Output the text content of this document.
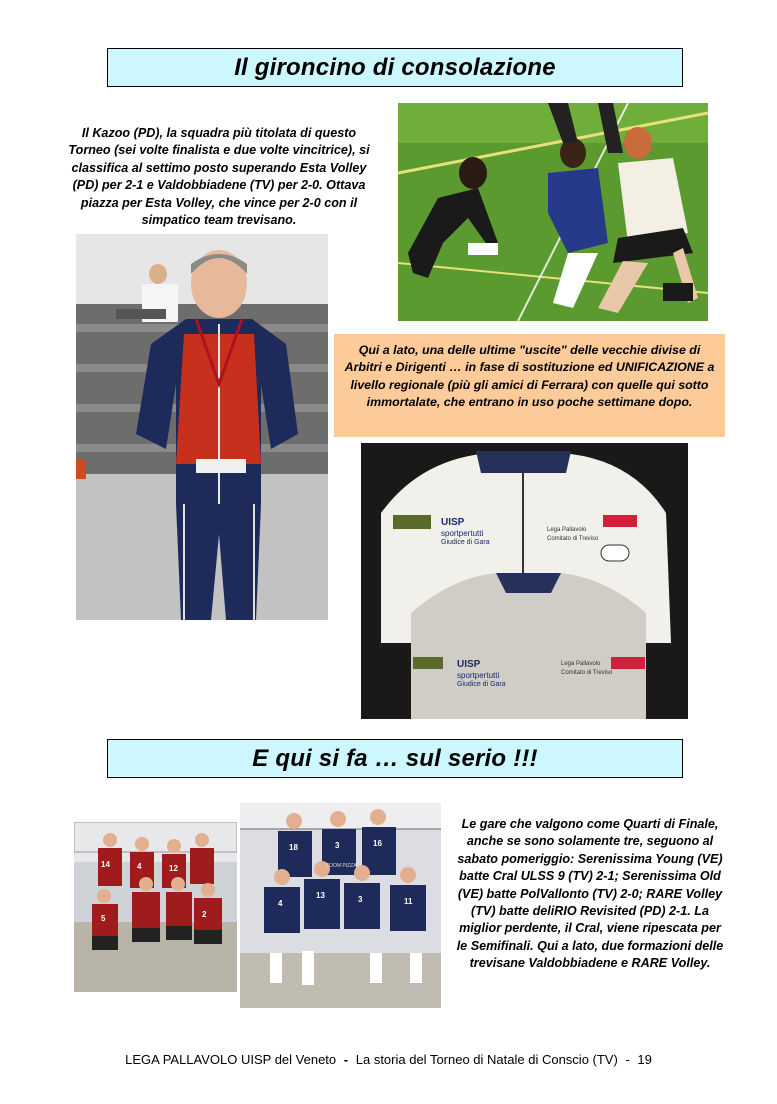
Il gironcino di consolazione
Il Kazoo (PD), la squadra più titolata di questo Torneo (sei volte finalista e due volte vincitrice), si classifica al settimo posto superando Esta Volley (PD) per 2-1 e Valdobbiadene (TV) per 2-0. Ottava piazza per Esta Volley, che vince per 2-0 con il simpatico team trevisano.
Qui a lato, una delle ultime "uscite" delle vecchie divise di Arbitri e Dirigenti … in fase di sostituzione ed UNIFICAZIONE a livello regionale (più gli amici di Ferrara) con quelle qui sotto immortalate, che entrano in uso poche settimane dopo.
UISP
sportpertutti
Giudice di Gara
Lega Pallavolo
Comitato di Treviso
UISP
sportpertutti
Giudice di Gara
Lega Pallavolo
Comitato di Treviso
E qui si fa … sul serio !!!
14	4	12
2
5
18	3	16
4
13	3	11
ZOOM PIZZA
Le gare che valgono come Quarti di Finale, anche se sono solamente tre, seguono al sabato pomeriggio: Serenissima Young (VE) batte Cral ULSS 9 (TV) 2-1; Serenissima Old (VE) batte PolVallonto (TV) 2-0; RARE Volley (TV) batte deliRIO Revisited (PD) 2-1. La miglior perdente, il Cral, viene ripescata per le Semifinali. Qui a lato, due formazioni delle trevisane Valdobbiadene e RARE Volley.
LEGA PALLAVOLO UISP del Veneto - La storia del Torneo di Natale di Conscio (TV) - 19
